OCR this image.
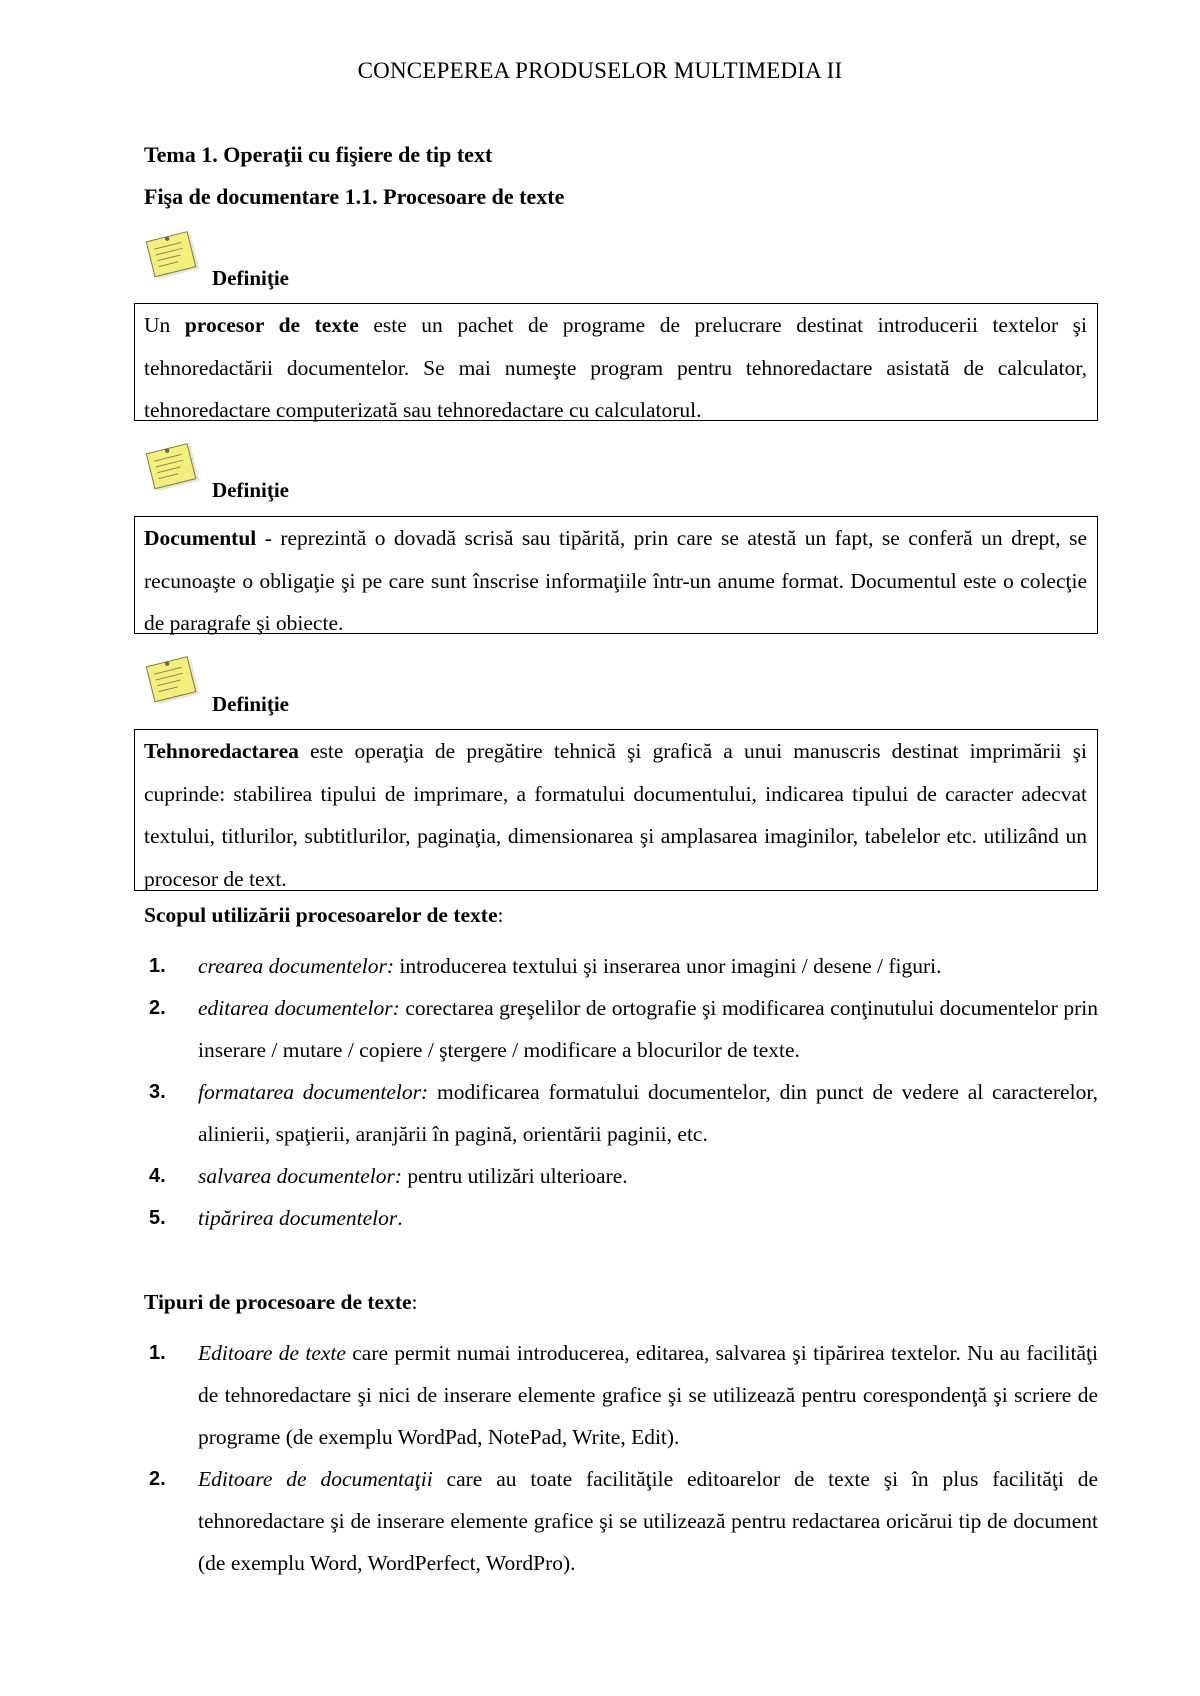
CONCEPEREA PRODUSELOR MULTIMEDIA II
Tema 1. Operaţii cu fişiere de tip text
Fişa de documentare 1.1. Procesoare de texte
Definiţie
Un procesor de texte este un pachet de programe de prelucrare destinat introducerii textelor şi tehnoredactării documentelor. Se mai numeşte program pentru tehnoredactare asistată de calculator, tehnoredactare computerizată sau tehnoredactare cu calculatorul.
Definiţie
Documentul - reprezintă o dovadă scrisă sau tipărită, prin care se atestă un fapt, se conferă un drept, se recunoaşte o obligaţie şi pe care sunt înscrise informaţiile într-un anume format. Documentul este o colecţie de paragrafe şi obiecte.
Definiţie
Tehnoredactarea este operaţia de pregătire tehnică şi grafică a unui manuscris destinat imprimării şi cuprinde: stabilirea tipului de imprimare, a formatului documentului, indicarea tipului de caracter adecvat textului, titlurilor, subtitlurilor, paginaţia, dimensionarea şi amplasarea imaginilor, tabelelor etc. utilizând un procesor de text.
Scopul utilizării procesoarelor de texte:
1. crearea documentelor: introducerea textului şi inserarea unor imagini / desene / figuri.
2. editarea documentelor: corectarea greşelilor de ortografie şi modificarea conţinutului documentelor prin inserare / mutare / copiere / ştergere / modificare a blocurilor de texte.
3. formatarea documentelor: modificarea formatului documentelor, din punct de vedere al caracterelor, alinierii, spaţierii, aranjării în pagină, orientării paginii, etc.
4. salvarea documentelor: pentru utilizări ulterioare.
5. tipărirea documentelor.
Tipuri de procesoare de texte:
1. Editoare de texte care permit numai introducerea, editarea, salvarea şi tipărirea textelor. Nu au facilităţi de tehnoredactare şi nici de inserare elemente grafice şi se utilizează pentru corespondenţă şi scriere de programe (de exemplu WordPad, NotePad, Write, Edit).
2. Editoare de documentaţii care au toate facilităţile editoarelor de texte şi în plus facilităţi de tehnoredactare şi de inserare elemente grafice şi se utilizează pentru redactarea oricărui tip de document (de exemplu Word, WordPerfect, WordPro).
